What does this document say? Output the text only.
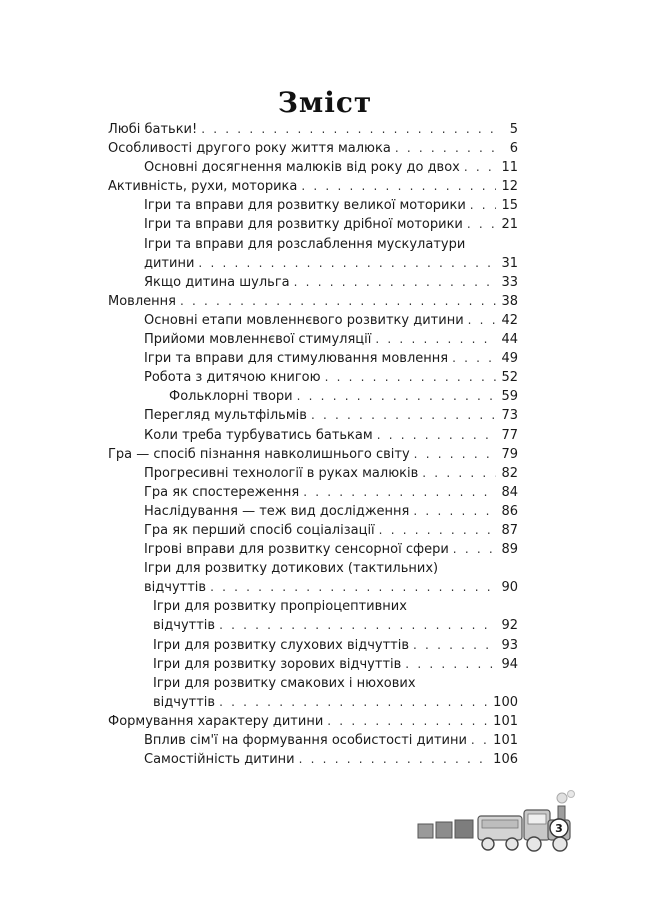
Зміст
Любі батьки! . . .	5
Особливості другого року життя малюка . . .	6
Основні досягнення малюків від року до двох . . .	11
Активність, рухи, моторика . . .	12
Ігри та вправи для розвитку великої моторики . . .	15
Ігри та вправи для розвитку дрібної моторики . . .	21
Ігри та вправи для розслаблення мускулатури
дитини . . .	31
Якщо дитина шульга . . .	33
Мовлення . . .	38
Основні етапи мовленнєвого розвитку дитини . . .	42
Прийоми мовленнєвої стимуляції . . .	44
Ігри та вправи для стимулювання мовлення . . .	49
Робота з дитячою книгою . . .	52
Фольклорні твори . . .	59
Перегляд мультфільмів . . .	73
Коли треба турбуватись батькам . . .	77
Гра — спосіб пізнання навколишнього світу . . .	79
Прогресивні технології в руках малюків . . .	82
Гра як спостереження . . .	84
Наслідування — теж вид дослідження . . .	86
Гра як перший спосіб соціалізації . . .	87
Ігрові вправи для розвитку сенсорної сфери . . .	89
Ігри для розвитку дотикових (тактильних)
відчуттів . . .	90
Ігри для розвитку пропріоцептивних
відчуттів . . .	92
Ігри для розвитку слухових відчуттів . . .	93
Ігри для розвитку зорових відчуттів . . .	94
Ігри для розвитку смакових і нюхових
відчуттів . . .	100
Формування характеру дитини . . .	101
Вплив сім'ї на формування особистості дитини . . . 101
Самостійність дитини . . .	106
3
